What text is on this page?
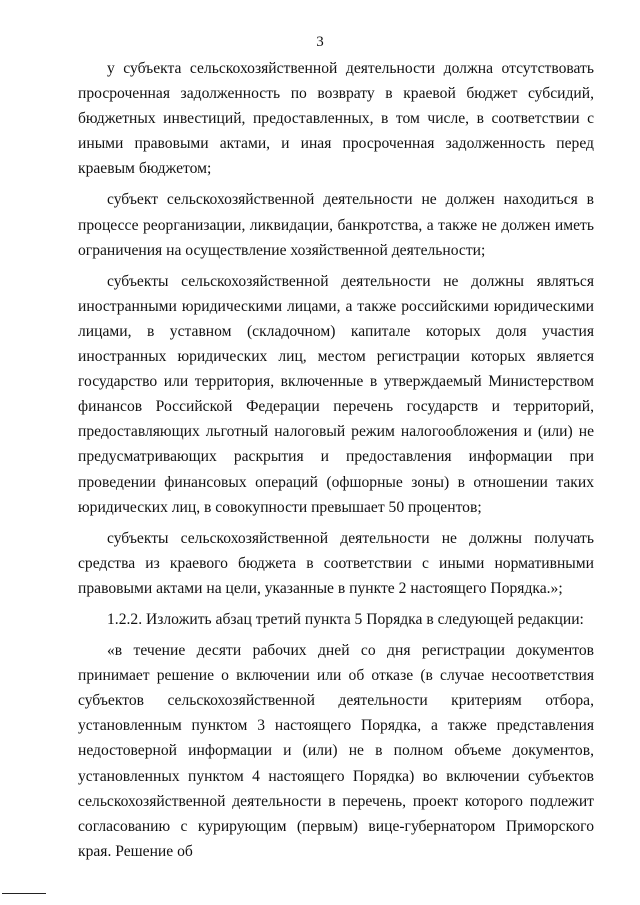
3

у субъекта сельскохозяйственной деятельности должна отсутствовать просроченная задолженность по возврату в краевой бюджет субсидий, бюджетных инвестиций, предоставленных, в том числе, в соответствии с иными правовыми актами, и иная просроченная задолженность перед краевым бюджетом;

субъект сельскохозяйственной деятельности не должен находиться в процессе реорганизации, ликвидации, банкротства, а также не должен иметь ограничения на осуществление хозяйственной деятельности;

субъекты сельскохозяйственной деятельности не должны являться иностранными юридическими лицами, а также российскими юридическими лицами, в уставном (складочном) капитале которых доля участия иностранных юридических лиц, местом регистрации которых является государство или территория, включенные в утверждаемый Министерством финансов Российской Федерации перечень государств и территорий, предоставляющих льготный налоговый режим налогообложения и (или) не предусматривающих раскрытия и предоставления информации при проведении финансовых операций (офшорные зоны) в отношении таких юридических лиц, в совокупности превышает 50 процентов;

субъекты сельскохозяйственной деятельности не должны получать средства из краевого бюджета в соответствии с иными нормативными правовыми актами на цели, указанные в пункте 2 настоящего Порядка.»;

1.2.2. Изложить абзац третий пункта 5 Порядка в следующей редакции:

«в течение десяти рабочих дней со дня регистрации документов принимает решение о включении или об отказе (в случае несоответствия субъектов сельскохозяйственной деятельности критериям отбора, установленным пунктом 3 настоящего Порядка, а также представления недостоверной информации и (или) не в полном объеме документов, установленных пунктом 4 настоящего Порядка) во включении субъектов сельскохозяйственной деятельности в перечень, проект которого подлежит согласованию с курирующим (первым) вице-губернатором Приморского края. Решение об
